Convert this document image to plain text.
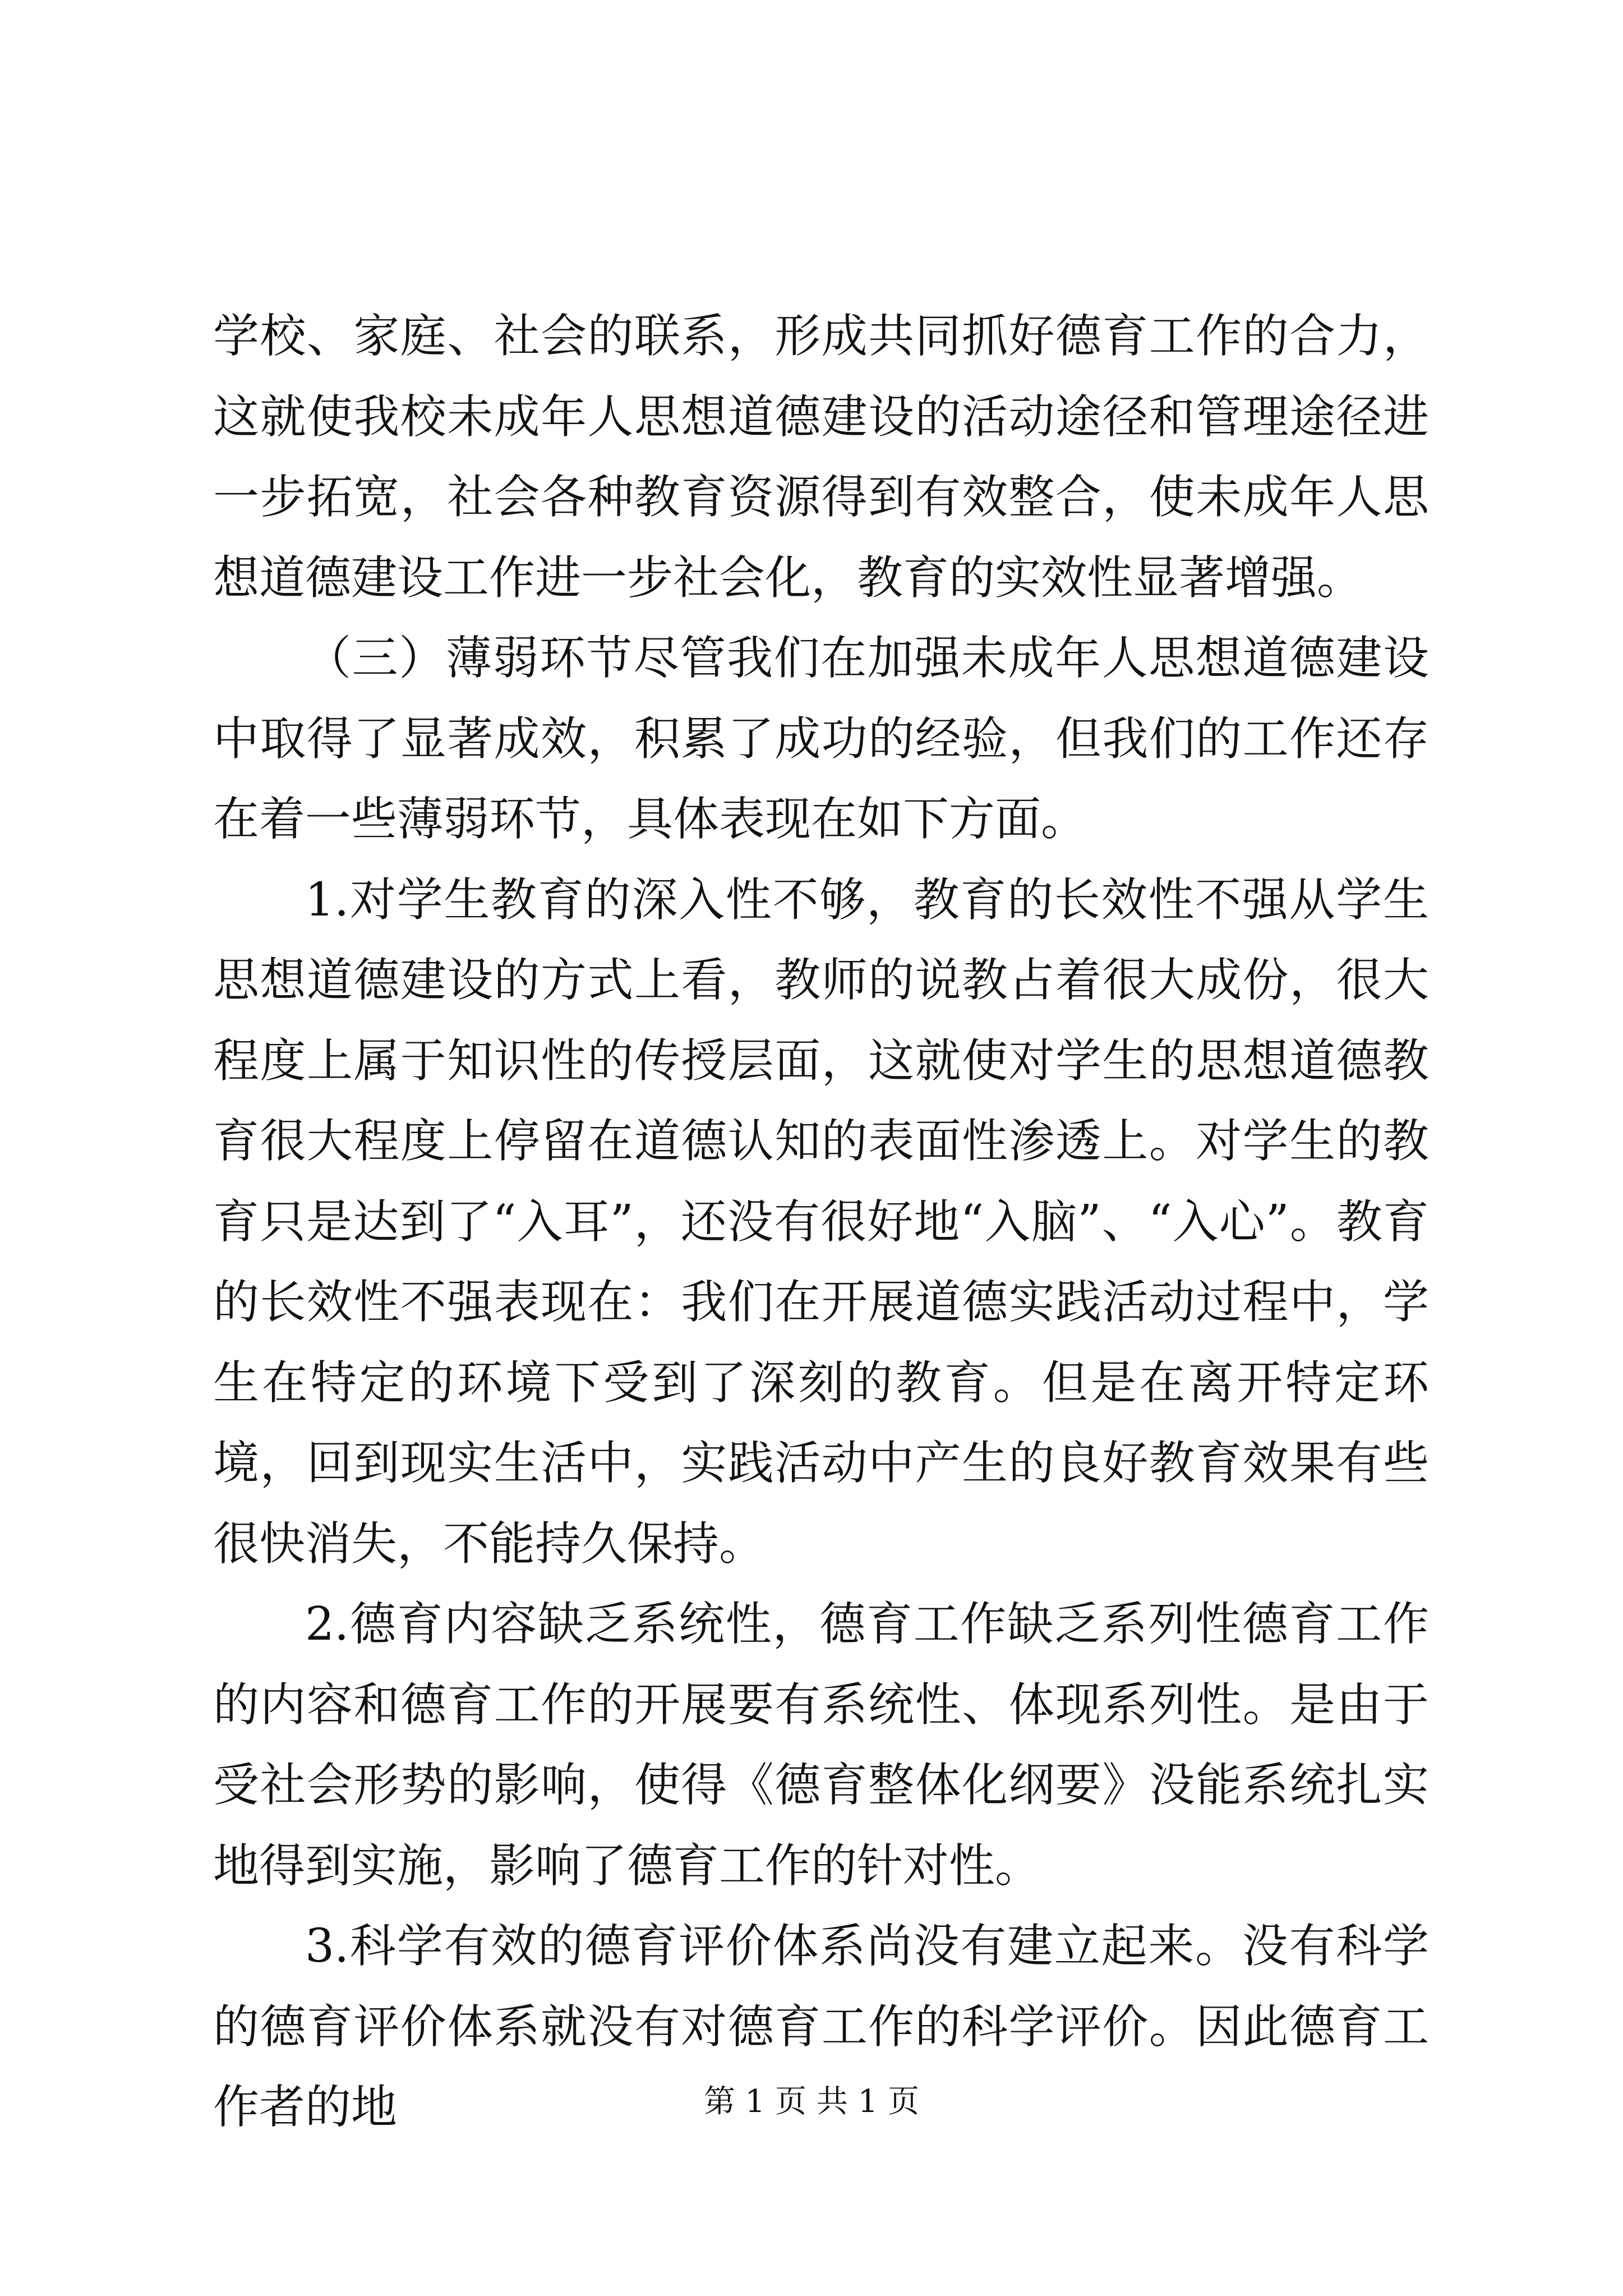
学校、家庭、社会的联系，形成共同抓好德育工作的合力，这就使我校未成年人思想道德建设的活动途径和管理途径进一步拓宽，社会各种教育资源得到有效整合，使未成年人思想道德建设工作进一步社会化，教育的实效性显著增强。

（三）薄弱环节尽管我们在加强未成年人思想道德建设中取得了显著成效，积累了成功的经验，但我们的工作还存在着一些薄弱环节，具体表现在如下方面。

1.对学生教育的深入性不够，教育的长效性不强从学生思想道德建设的方式上看，教师的说教占着很大成份，很大程度上属于知识性的传授层面，这就使对学生的思想道德教育很大程度上停留在道德认知的表面性渗透上。对学生的教育只是达到了“入耳”，还没有很好地“入脑”、“入心”。教育的长效性不强表现在：我们在开展道德实践活动过程中，学生在特定的环境下受到了深刻的教育。但是在离开特定环境，回到现实生活中，实践活动中产生的良好教育效果有些很快消失，不能持久保持。

2.德育内容缺乏系统性，德育工作缺乏系列性德育工作的内容和德育工作的开展要有系统性、体现系列性。是由于受社会形势的影响，使得《德育整体化纲要》没能系统扎实地得到实施，影响了德育工作的针对性。

3.科学有效的德育评价体系尚没有建立起来。没有科学的德育评价体系就没有对德育工作的科学评价。因此德育工作者的地	第 1 页 共 1 页
